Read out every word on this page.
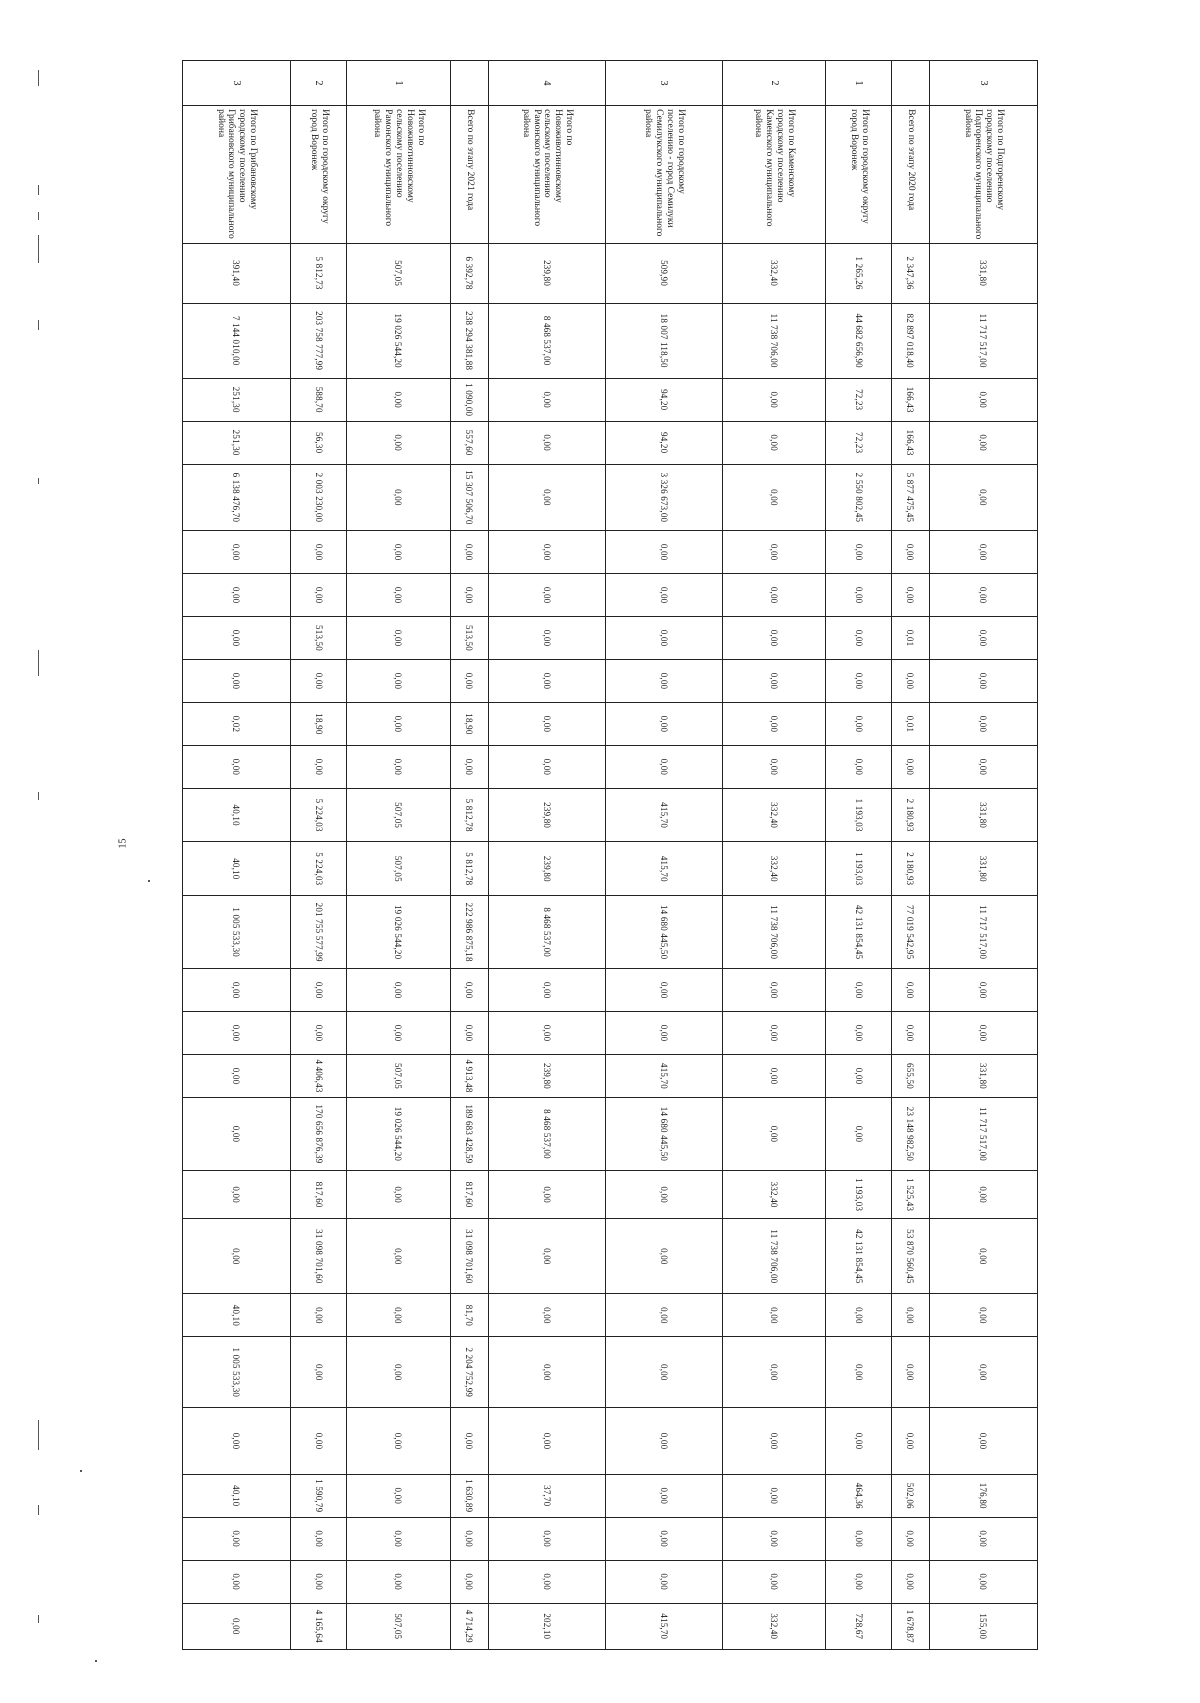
15
3	Итого по Подгоренскому городскому поселению Подгоренского муниципального района	331,80	11 717 517,00	0,00	0,00	0,00	0,00	0,00	0,00	0,00	0,00	0,00	331,80	331,80	11 717 517,00	0,00	0,00	331,80	11 717 517,00	0,00	0,00	0,00	0,00	0,00	176,80	0,00	0,00	155,00
	Всего по этапу 2020 года	2 347,36	82 897 018,40	166,43	166,43	5 877 475,45	0,00	0,00	0,01	0,00	0,01	0,00	2 180,93	2 180,93	77 019 542,95	0,00	0,00	655,50	23 148 982,50	1 525,43	53 870 560,45	0,00	0,00	0,00	502,06	0,00	0,00	1 678,87
1	Итого по городскому округу город Воронеж	1 265,26	44 682 656,90	72,23	72,23	2 550 802,45	0,00	0,00	0,00	0,00	0,00	0,00	1 193,03	1 193,03	42 131 854,45	0,00	0,00	0,00	0,00	1 193,03	42 131 854,45	0,00	0,00	0,00	464,36	0,00	0,00	728,67
2	Итого по Каменскому городскому поселению Каменского муниципального района	332,40	11 738 706,00	0,00	0,00	0,00	0,00	0,00	0,00	0,00	0,00	0,00	332,40	332,40	11 738 706,00	0,00	0,00	0,00	0,00	332,40	11 738 706,00	0,00	0,00	0,00	0,00	0,00	0,00	332,40
3	Итого по городскому поселению - город Семилуки Семилукского муниципального района	509,90	18 007 118,50	94,20	94,20	3 326 673,00	0,00	0,00	0,00	0,00	0,00	0,00	415,70	415,70	14 680 445,50	0,00	0,00	415,70	14 680 445,50	0,00	0,00	0,00	0,00	0,00	0,00	0,00	0,00	415,70
4	Итого по Новоживотинновскому сельскому поселению Рамонского муниципального района	239,80	8 468 537,00	0,00	0,00	0,00	0,00	0,00	0,00	0,00	0,00	0,00	239,80	239,80	8 468 537,00	0,00	0,00	239,80	8 468 537,00	0,00	0,00	0,00	0,00	0,00	37,70	0,00	0,00	202,10
	Всего по этапу 2021 года	6 392,78	238 294 381,88	1 090,00	557,60	15 307 506,70	0,00	0,00	513,50	0,00	18,90	0,00	5 812,78	5 812,78	222 986 875,18	0,00	0,00	4 913,48	189 683 428,59	817,60	31 098 701,60	81,70	2 204 752,99	0,00	1 630,89	0,00	0,00	4 714,29
1	Итого по Новоживотинновскому сельскому поселению Рамонского муниципального района	507,05	19 026 544,20	0,00	0,00	0,00	0,00	0,00	0,00	0,00	0,00	0,00	507,05	507,05	19 026 544,20	0,00	0,00	507,05	19 026 544,20	0,00	0,00	0,00	0,00	0,00	0,00	0,00	0,00	507,05
2	Итого по городскому округу город Воронеж	5 812,73	203 758 777,99	588,70	56,30	2 003 230,00	0,00	0,00	513,50	0,00	18,90	0,00	5 224,03	5 224,03	201 755 577,99	0,00	0,00	4 406,43	170 656 876,39	817,60	31 098 701,60	0,00	0,00	0,00	1 590,79	0,00	0,00	4 165,64
3	Итого по Грибановскому городскому поселению Грибановского муниципального района	391,40	7 144 010,00	251,30	251,30	6 138 476,70	0,00	0,00	0,00	0,00	0,02	0,00	40,10	40,10	1 005 533,30	0,00	0,00	0,00	0,00	0,00	0,00	40,10	1 005 533,30	0,00	40,10	0,00	0,00	0,00
